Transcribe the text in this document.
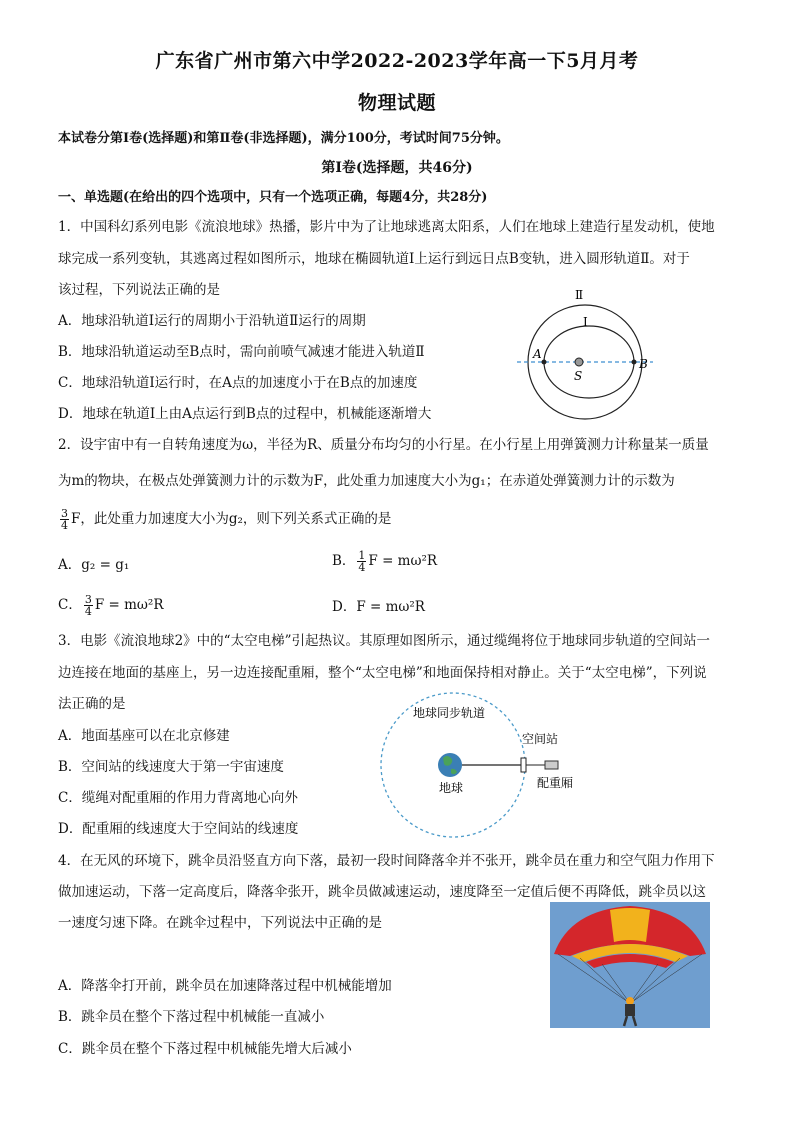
广东省广州市第六中学2022-2023学年高一下5月月考
物理试题
本试卷分第Ⅰ卷(选择题)和第Ⅱ卷(非选择题)，满分100分，考试时间75分钟。
第Ⅰ卷(选择题，共46分)
一、单选题(在给出的四个选项中，只有一个选项正确，每题4分，共28分)
1．中国科幻系列电影《流浪地球》热播，影片中为了让地球逃离太阳系，人们在地球上建造行星发动机，使地
球完成一系列变轨，其逃离过程如图所示，地球在椭圆轨道Ⅰ上运行到远日点B变轨，进入圆形轨道Ⅱ。对于
该过程，下列说法正确的是
A．地球沿轨道Ⅰ运行的周期小于沿轨道Ⅱ运行的周期
B．地球沿轨道运动至B点时，需向前喷气减速才能进入轨道Ⅱ
C．地球沿轨道Ⅰ运行时，在A点的加速度小于在B点的加速度
D．地球在轨道Ⅰ上由A点运行到B点的过程中，机械能逐渐增大
Ⅱ
Ⅰ
A
B
S
2．设宇宙中有一自转角速度为ω，半径为R、质量分布均匀的小行星。在小行星上用弹簧测力计称量某一质量
为m的物块，在极点处弹簧测力计的示数为F，此处重力加速度大小为g₁；在赤道处弹簧测力计的示数为
$\frac{3}{4}$ F，此处重力加速度大小为g₂，则下列关系式正确的是
A．g₂ = g₁	B． $\frac{1}{4}$ F = mω²R
C． $\frac{3}{4}$ F = mω²R	D．F = mω²R
3．电影《流浪地球2》中的“太空电梯”引起热议。其原理如图所示，通过缆绳将位于地球同步轨道的空间站一
边连接在地面的基座上，另一边连接配重厢，整个“太空电梯”和地面保持相对静止。关于“太空电梯”，下列说
法正确的是
A．地面基座可以在北京修建
B．空间站的线速度大于第一宇宙速度
C．缆绳对配重厢的作用力背离地心向外
D．配重厢的线速度大于空间站的线速度
地球同步轨道
空间站
地球	配重厢
4．在无风的环境下，跳伞员沿竖直方向下落，最初一段时间降落伞并不张开，跳伞员在重力和空气阻力作用下
做加速运动，下落一定高度后，降落伞张开，跳伞员做减速运动，速度降至一定值后便不再降低，跳伞员以这
一速度匀速下降。在跳伞过程中，下列说法中正确的是
A．降落伞打开前，跳伞员在加速降落过程中机械能增加
B．跳伞员在整个下落过程中机械能一直减小
C．跳伞员在整个下落过程中机械能先增大后减小
